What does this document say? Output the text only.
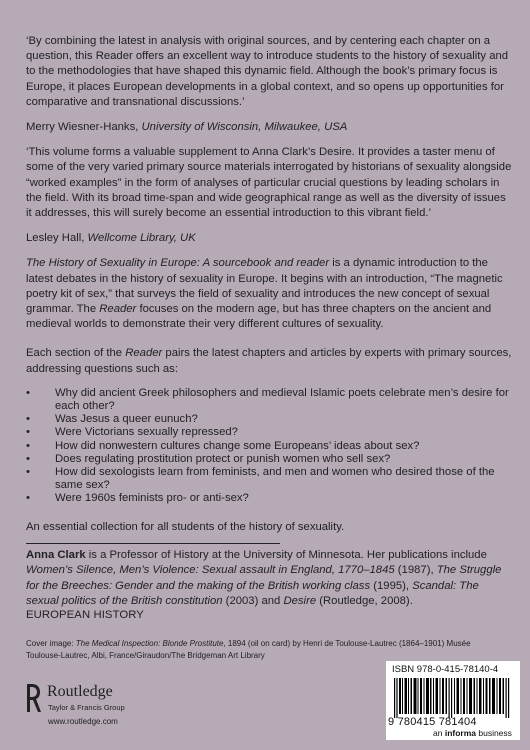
‘By combining the latest in analysis with original sources, and by centering each chapter on a question, this Reader offers an excellent way to introduce students to the history of sexuality and to the methodologies that have shaped this dynamic field. Although the book’s primary focus is Europe, it places European developments in a global context, and so opens up opportunities for comparative and transnational discussions.’

Merry Wiesner-Hanks, University of Wisconsin, Milwaukee, USA

‘This volume forms a valuable supplement to Anna Clark’s Desire. It provides a taster menu of some of the very varied primary source materials interrogated by historians of sexuality alongside “worked examples” in the form of analyses of particular crucial questions by leading scholars in the field. With its broad time-span and wide geographical range as well as the diversity of issues it addresses, this will surely become an essential introduction to this vibrant field.’

Lesley Hall, Wellcome Library, UK

The History of Sexuality in Europe: A sourcebook and reader is a dynamic introduction to the latest debates in the history of sexuality in Europe. It begins with an introduction, “The magnetic poetry kit of sex,” that surveys the field of sexuality and introduces the new concept of sexual grammar. The Reader focuses on the modern age, but has three chapters on the ancient and medieval worlds to demonstrate their very different cultures of sexuality.

Each section of the Reader pairs the latest chapters and articles by experts with primary sources, addressing questions such as:

• Why did ancient Greek philosophers and medieval Islamic poets celebrate men’s desire for each other?
• Was Jesus a queer eunuch?
• Were Victorians sexually repressed?
• How did nonwestern cultures change some Europeans’ ideas about sex?
• Does regulating prostitution protect or punish women who sell sex?
• How did sexologists learn from feminists, and men and women who desired those of the same sex?
• Were 1960s feminists pro- or anti-sex?

An essential collection for all students of the history of sexuality.

Anna Clark is a Professor of History at the University of Minnesota. Her publications include Women’s Silence, Men’s Violence: Sexual assault in England, 1770–1845 (1987), The Struggle for the Breeches: Gender and the making of the British working class (1995), Scandal: The sexual politics of the British constitution (2003) and Desire (Routledge, 2008).

EUROPEAN HISTORY
Cover image: The Medical Inspection: Blonde Prostitute, 1894 (oil on card) by Henri de Toulouse-Lautrec (1864–1901) Musée Toulouse-Lautrec, Albi, France/Giraudon/The Bridgeman Art Library
Routledge
Taylor & Francis Group
www.routledge.com
ISBN 978-0-415-78140-4
9 780415 781404
an informa business
